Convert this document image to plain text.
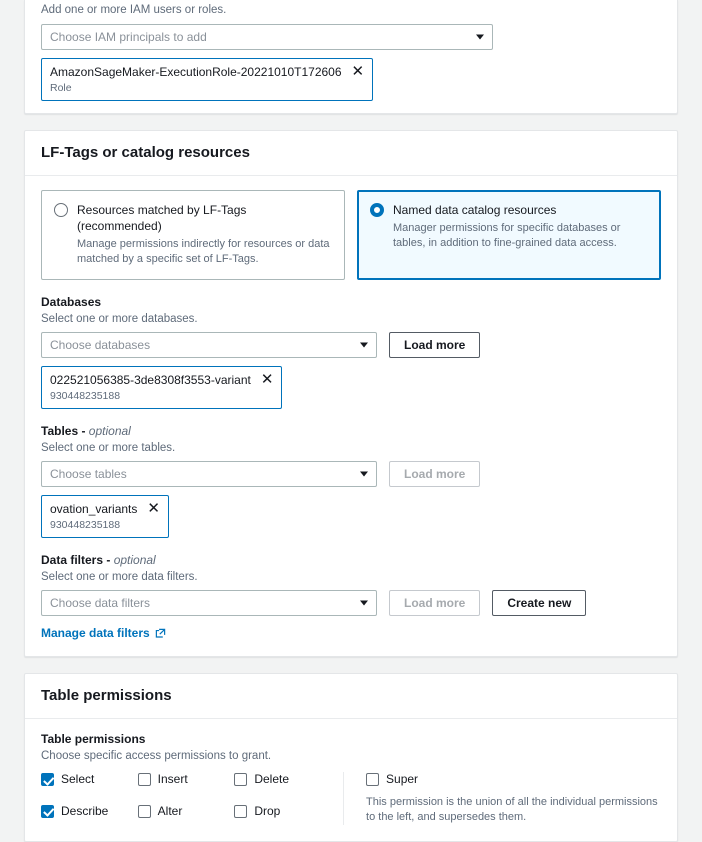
Add one or more IAM users or roles.
Choose IAM principals to add
AmazonSageMaker-ExecutionRole-20221010T172606
Role
✕
LF-Tags or catalog resources
Resources matched by LF-Tags (recommended)
Manage permissions indirectly for resources or data matched by a specific set of LF-Tags.
Named data catalog resources
Manager permissions for specific databases or tables, in addition to fine-grained data access.
Databases
Select one or more databases.
Choose databases	Load more
022521056385-3de8308f3553-variant
930448235188
✕
Tables - optional
Select one or more tables.
Choose tables	Load more
ovation_variants
930448235188
✕
Data filters - optional
Select one or more data filters.
Choose data filters	Load more	Create new
Manage data filters
Table permissions
Table permissions
Choose specific access permissions to grant.
Select	Insert	Delete
Describe	Alter	Drop
Super
This permission is the union of all the individual permissions to the left, and supersedes them.
